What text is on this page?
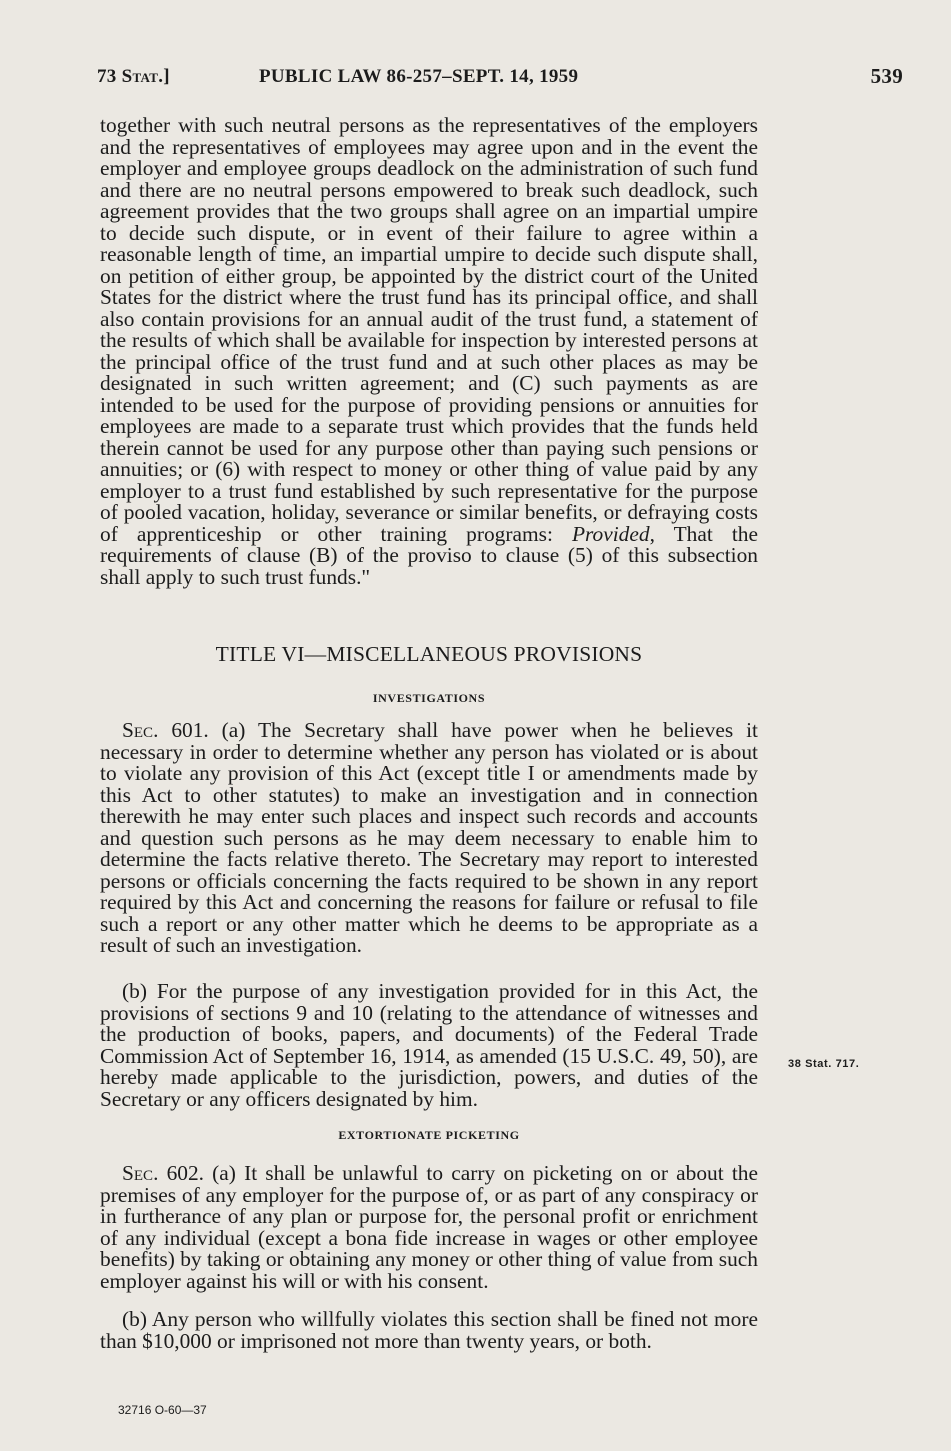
73 Stat.]	PUBLIC LAW 86-257–SEPT. 14, 1959	539

together with such neutral persons as the representatives of the employers and the representatives of employees may agree upon and in the event the employer and employee groups deadlock on the administration of such fund and there are no neutral persons empowered to break such deadlock, such agreement provides that the two groups shall agree on an impartial umpire to decide such dispute, or in event of their failure to agree within a reasonable length of time, an impartial umpire to decide such dispute shall, on petition of either group, be appointed by the district court of the United States for the district where the trust fund has its principal office, and shall also contain provisions for an annual audit of the trust fund, a statement of the results of which shall be available for inspection by interested persons at the principal office of the trust fund and at such other places as may be designated in such written agreement; and (C) such payments as are intended to be used for the purpose of providing pensions or annuities for employees are made to a separate trust which provides that the funds held therein cannot be used for any purpose other than paying such pensions or annuities; or (6) with respect to money or other thing of value paid by any employer to a trust fund established by such representative for the purpose of pooled vacation, holiday, severance or similar benefits, or defraying costs of apprenticeship or other training programs: Provided, That the requirements of clause (B) of the proviso to clause (5) of this subsection shall apply to such trust funds."

TITLE VI—MISCELLANEOUS PROVISIONS
INVESTIGATIONS

Sec. 601. (a) The Secretary shall have power when he believes it necessary in order to determine whether any person has violated or is about to violate any provision of this Act (except title I or amendments made by this Act to other statutes) to make an investigation and in connection therewith he may enter such places and inspect such records and accounts and question such persons as he may deem necessary to enable him to determine the facts relative thereto. The Secretary may report to interested persons or officials concerning the facts required to be shown in any report required by this Act and concerning the reasons for failure or refusal to file such a report or any other matter which he deems to be appropriate as a result of such an investigation.

(b) For the purpose of any investigation provided for in this Act, the provisions of sections 9 and 10 (relating to the attendance of witnesses and the production of books, papers, and documents) of the Federal Trade Commission Act of September 16, 1914, as amended (15 U.S.C. 49, 50), are hereby made applicable to the jurisdiction, powers, and duties of the Secretary or any officers designated by him.

38 Stat. 717.
EXTORTIONATE PICKETING

Sec. 602. (a) It shall be unlawful to carry on picketing on or about the premises of any employer for the purpose of, or as part of any conspiracy or in furtherance of any plan or purpose for, the personal profit or enrichment of any individual (except a bona fide increase in wages or other employee benefits) by taking or obtaining any money or other thing of value from such employer against his will or with his consent.

(b) Any person who willfully violates this section shall be fined not more than $10,000 or imprisoned not more than twenty years, or both.

32716 O-60—37
